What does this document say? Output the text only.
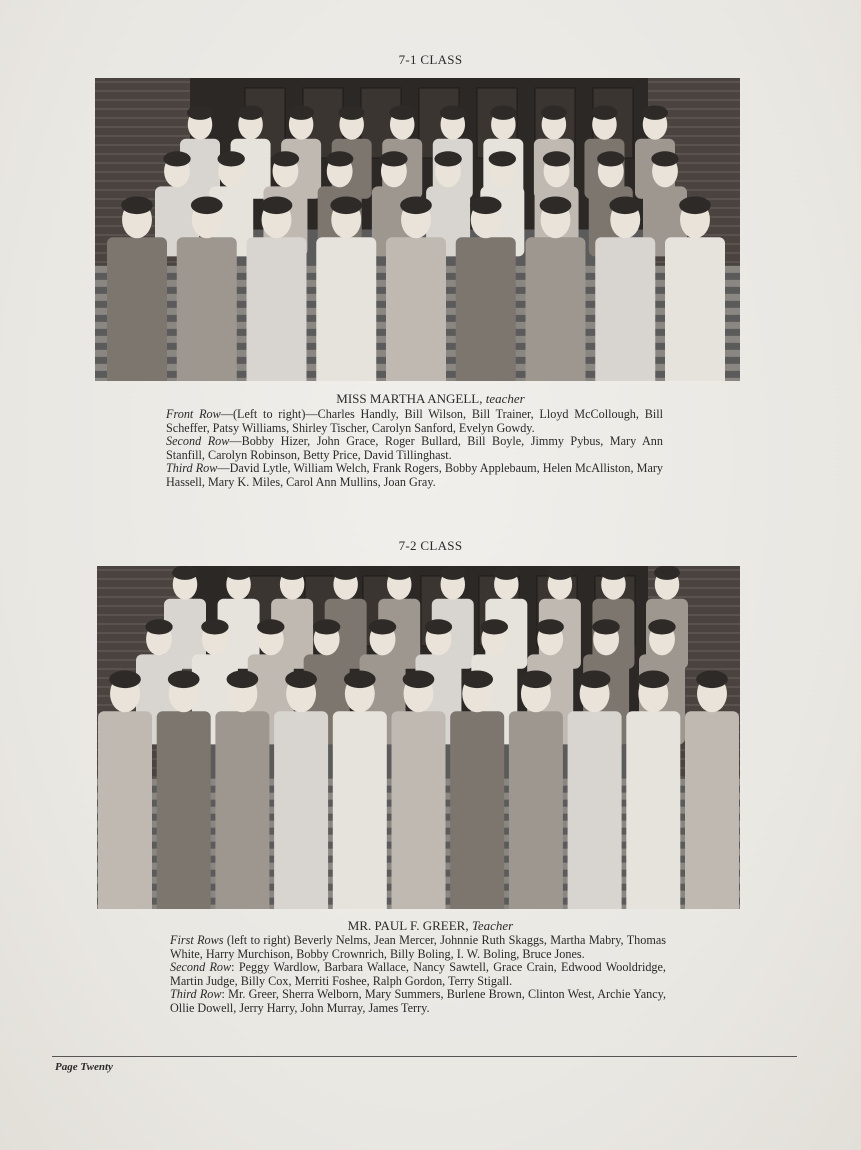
7-1 CLASS
MISS MARTHA ANGELL, teacher

Front Row—(Left to right)—Charles Handly, Bill Wilson, Bill Trainer, Lloyd McCollough, Bill Scheffer, Patsy Williams, Shirley Tischer, Carolyn Sanford, Evelyn Gowdy.

Second Row—Bobby Hizer, John Grace, Roger Bullard, Bill Boyle, Jimmy Pybus, Mary Ann Stanfill, Carolyn Robinson, Betty Price, David Tillinghast.

Third Row—David Lytle, William Welch, Frank Rogers, Bobby Applebaum, Helen McAlliston, Mary Hassell, Mary K. Miles, Carol Ann Mullins, Joan Gray.

7-2 CLASS
MR. PAUL F. GREER, Teacher

First Rows (left to right) Beverly Nelms, Jean Mercer, Johnnie Ruth Skaggs, Martha Mabry, Thomas White, Harry Murchison, Bobby Crownrich, Billy Boling, I. W. Boling, Bruce Jones.

Second Row: Peggy Wardlow, Barbara Wallace, Nancy Sawtell, Grace Crain, Edwood Wooldridge, Martin Judge, Billy Cox, Merriti Foshee, Ralph Gordon, Terry Stigall.

Third Row: Mr. Greer, Sherra Welborn, Mary Summers, Burlene Brown, Clinton West, Archie Yancy, Ollie Dowell, Jerry Harry, John Murray, James Terry.

Page Twenty
